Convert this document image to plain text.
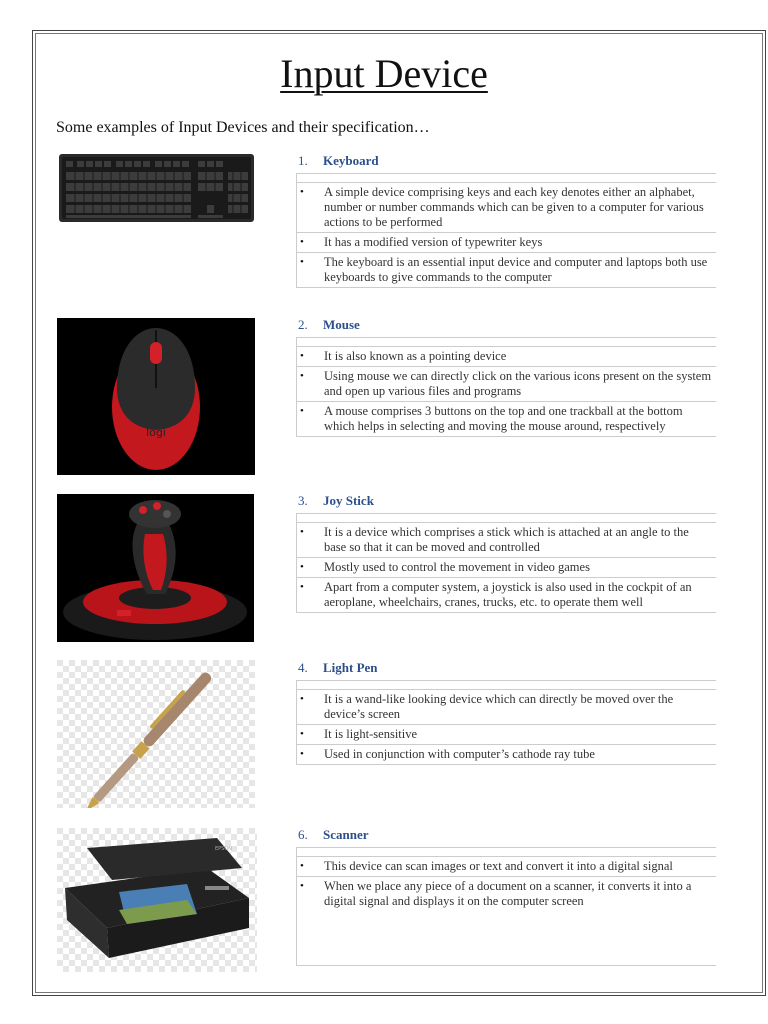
Input Device
Some examples of Input Devices and their specification…
logi
EPSON
1. Keyboard
• A simple device comprising keys and each key denotes either an alphabet, number or number commands which can be given to a computer for various actions to be performed
• It has a modified version of typewriter keys
• The keyboard is an essential input device and computer and laptops both use keyboards to give commands to the computer
2. Mouse
• It is also known as a pointing device
• Using mouse we can directly click on the various icons present on the system and open up various files and programs
• A mouse comprises 3 buttons on the top and one trackball at the bottom which helps in selecting and moving the mouse around, respectively
3. Joy Stick
• It is a device which comprises a stick which is attached at an angle to the base so that it can be moved and controlled
• Mostly used to control the movement in video games
• Apart from a computer system, a joystick is also used in the cockpit of an aeroplane, wheelchairs, cranes, trucks, etc. to operate them well
4. Light Pen
• It is a wand-like looking device which can directly be moved over the device’s screen
• It is light-sensitive
• Used in conjunction with computer’s cathode ray tube
6. Scanner
• This device can scan images or text and convert it into a digital signal
• When we place any piece of a document on a scanner, it converts it into a digital signal and displays it on the computer screen
